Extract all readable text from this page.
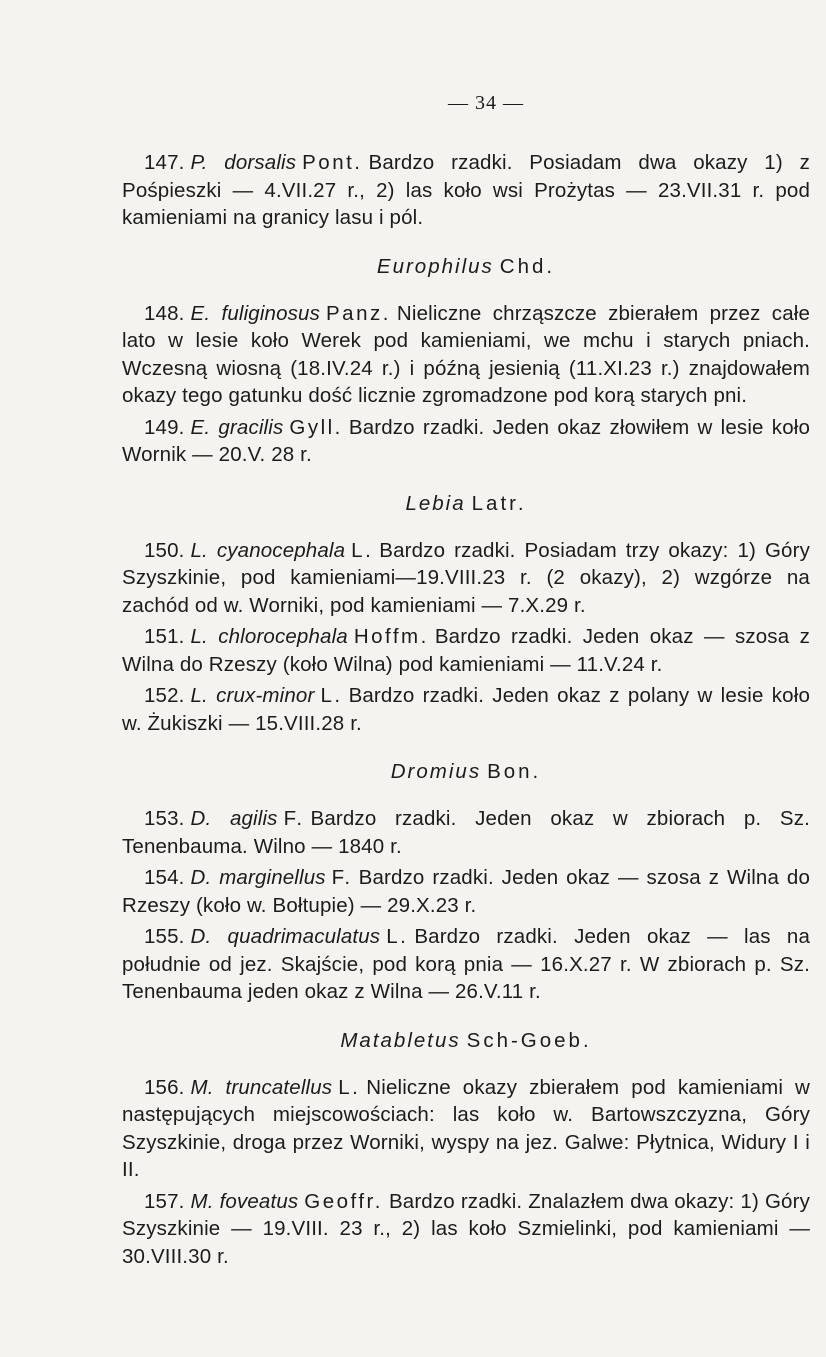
— 34 —

147. P. dorsalis Pont. Bardzo rzadki. Posiadam dwa okazy 1) z Pośpieszki — 4.VII.27 r., 2) las koło wsi Prożytas — 23.VII.31 r. pod kamieniami na granicy lasu i pól.

Europhilus Chd.

148. E. fuliginosus Panz. Nieliczne chrząszcze zbierałem przez całe lato w lesie koło Werek pod kamieniami, we mchu i starych pniach. Wczesną wiosną (18.IV.24 r.) i późną jesienią (11.XI.23 r.) znajdowałem okazy tego gatunku dość licznie zgromadzone pod korą starych pni.

149. E. gracilis Gyll. Bardzo rzadki. Jeden okaz złowiłem w lesie koło Wornik — 20.V. 28 r.

Lebia Latr.

150. L. cyanocephala L. Bardzo rzadki. Posiadam trzy okazy: 1) Góry Szyszkinie, pod kamieniami—19.VIII.23 r. (2 okazy), 2) wzgórze na zachód od w. Worniki, pod kamieniami — 7.X.29 r.

151. L. chlorocephala Hoffm. Bardzo rzadki. Jeden okaz — szosa z Wilna do Rzeszy (koło Wilna) pod kamieniami — 11.V.24 r.

152. L. crux-minor L. Bardzo rzadki. Jeden okaz z polany w lesie koło w. Żukiszki — 15.VIII.28 r.

Dromius Bon.

153. D. agilis F. Bardzo rzadki. Jeden okaz w zbiorach p. Sz. Tenenbauma. Wilno — 1840 r.

154. D. marginellus F. Bardzo rzadki. Jeden okaz — szosa z Wilna do Rzeszy (koło w. Bołtupie) — 29.X.23 r.

155. D. quadrimaculatus L. Bardzo rzadki. Jeden okaz — las na południe od jez. Skajście, pod korą pnia — 16.X.27 r. W zbiorach p. Sz. Tenenbauma jeden okaz z Wilna — 26.V.11 r.

Matabletus Sch-Goeb.

156. M. truncatellus L. Nieliczne okazy zbierałem pod kamieniami w następujących miejscowościach: las koło w. Bartowszczyzna, Góry Szyszkinie, droga przez Worniki, wyspy na jez. Galwe: Płytnica, Widury I i II.

157. M. foveatus Geoffr. Bardzo rzadki. Znalazłem dwa okazy: 1) Góry Szyszkinie — 19.VIII. 23 r., 2) las koło Szmielinki, pod kamieniami — 30.VIII.30 r.
